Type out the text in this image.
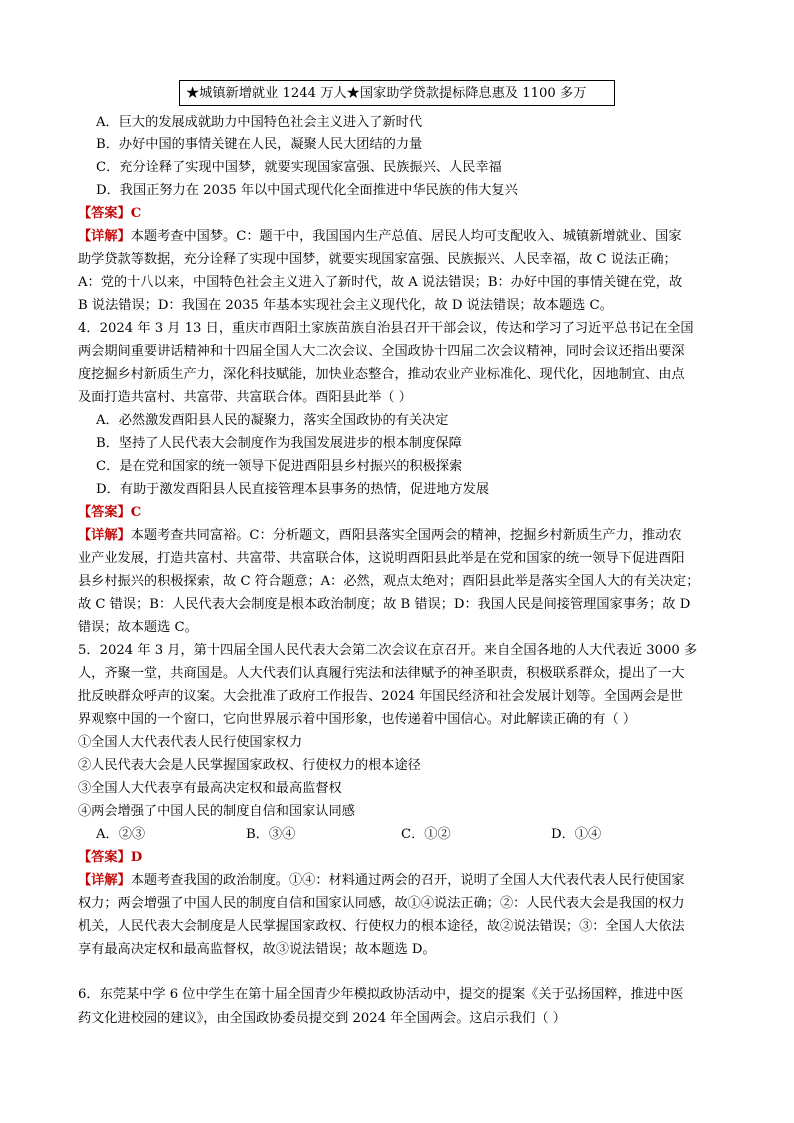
★城镇新增就业 1244 万人★国家助学贷款提标降息惠及 1100 多万
A．巨大的发展成就助力中国特色社会主义进入了新时代
B．办好中国的事情关键在人民，凝聚人民大团结的力量
C．充分诠释了实现中国梦，就要实现国家富强、民族振兴、人民幸福
D．我国正努力在 2035 年以中国式现代化全面推进中华民族的伟大复兴
【答案】C
【详解】本题考查中国梦。C：题干中，我国国内生产总值、居民人均可支配收入、城镇新增就业、国家
助学贷款等数据，充分诠释了实现中国梦，就要实现国家富强、民族振兴、人民幸福，故 C 说法正确；
A：党的十八以来，中国特色社会主义进入了新时代，故 A 说法错误；B：办好中国的事情关键在党，故
B 说法错误；D：我国在 2035 年基本实现社会主义现代化，故 D 说法错误；故本题选 C。
4．2024 年 3 月 13 日，重庆市酉阳土家族苗族自治县召开干部会议，传达和学习了习近平总书记在全国
两会期间重要讲话精神和十四届全国人大二次会议、全国政协十四届二次会议精神，同时会议还指出要深
度挖掘乡村新质生产力，深化科技赋能，加快业态整合，推动农业产业标准化、现代化，因地制宜、由点
及面打造共富村、共富带、共富联合体。酉阳县此举（ ）
A．必然激发酉阳县人民的凝聚力，落实全国政协的有关决定
B．坚持了人民代表大会制度作为我国发展进步的根本制度保障
C．是在党和国家的统一领导下促进酉阳县乡村振兴的积极探索
D．有助于激发酉阳县人民直接管理本县事务的热情，促进地方发展
【答案】C
【详解】本题考查共同富裕。C：分析题文，酉阳县落实全国两会的精神，挖掘乡村新质生产力，推动农
业产业发展，打造共富村、共富带、共富联合体，这说明酉阳县此举是在党和国家的统一领导下促进酉阳
县乡村振兴的积极探索，故 C 符合题意；A：必然，观点太绝对；酉阳县此举是落实全国人大的有关决定；
故 C 错误；B：人民代表大会制度是根本政治制度；故 B 错误；D：我国人民是间接管理国家事务；故 D
错误；故本题选 C。
5．2024 年 3 月，第十四届全国人民代表大会第二次会议在京召开。来自全国各地的人大代表近 3000 多
人，齐聚一堂，共商国是。人大代表们认真履行宪法和法律赋予的神圣职责，积极联系群众，提出了一大
批反映群众呼声的议案。大会批准了政府工作报告、2024 年国民经济和社会发展计划等。全国两会是世
界观察中国的一个窗口，它向世界展示着中国形象，也传递着中国信心。对此解读正确的有（ ）
①全国人大代表代表人民行使国家权力
②人民代表大会是人民掌握国家政权、行使权力的根本途径
③全国人大代表享有最高决定权和最高监督权
④两会增强了中国人民的制度自信和国家认同感
A．②③	B．③④	C．①②	D．①④
【答案】D
【详解】本题考查我国的政治制度。①④：材料通过两会的召开，说明了全国人大代表代表人民行使国家
权力；两会增强了中国人民的制度自信和国家认同感，故①④说法正确；②：人民代表大会是我国的权力
机关，人民代表大会制度是人民掌握国家政权、行使权力的根本途径，故②说法错误；③：全国人大依法
享有最高决定权和最高监督权，故③说法错误；故本题选 D。
6．东莞某中学 6 位中学生在第十届全国青少年模拟政协活动中，提交的提案《关于弘扬国粹，推进中医
药文化进校园的建议》，由全国政协委员提交到 2024 年全国两会。这启示我们（ ）
